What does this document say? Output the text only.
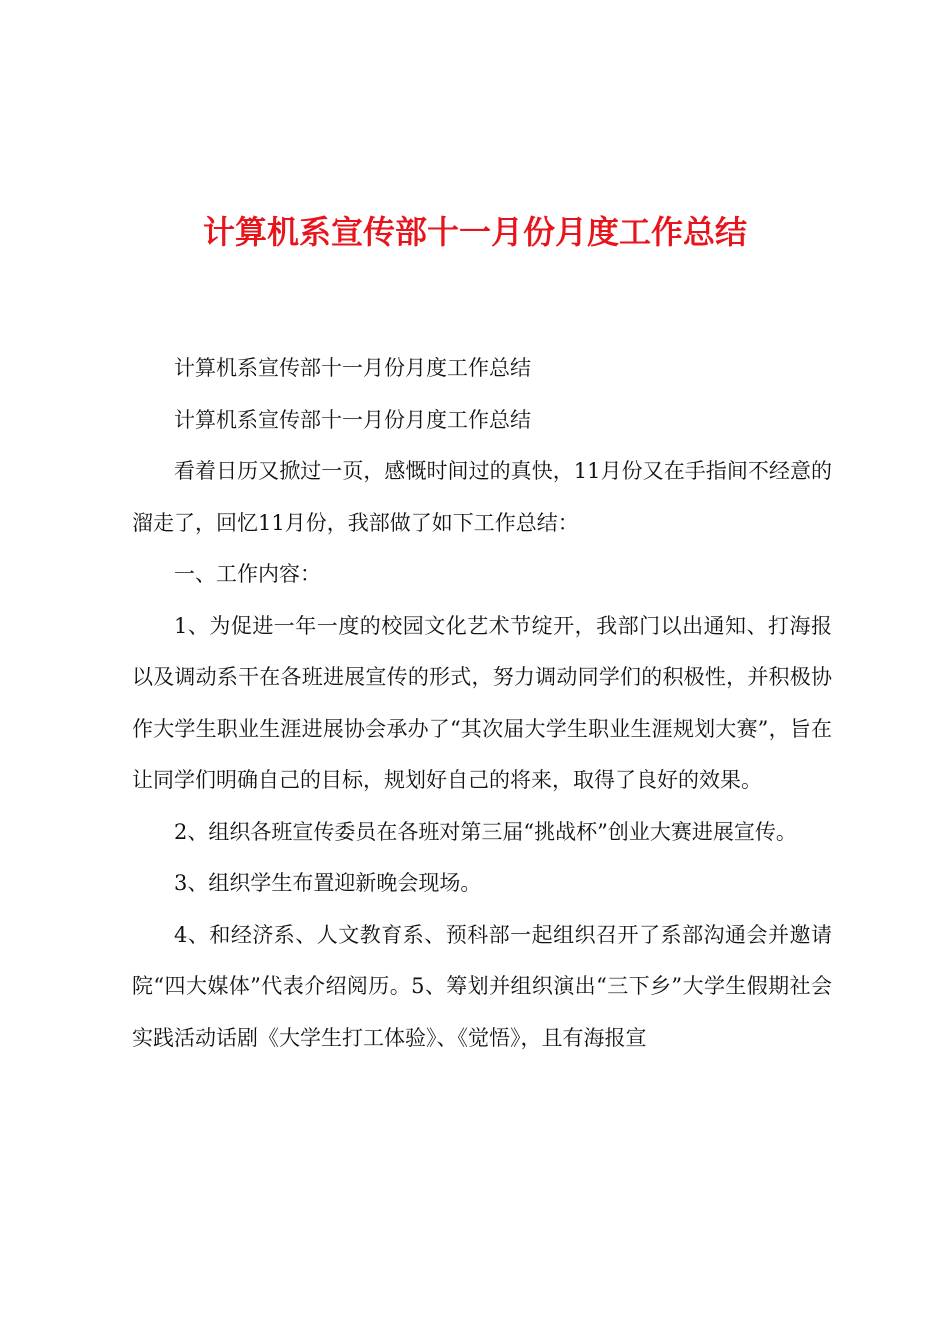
计算机系宣传部十一月份月度工作总结

计算机系宣传部十一月份月度工作总结

计算机系宣传部十一月份月度工作总结

看着日历又掀过一页，感慨时间过的真快，11月份又在手指间不经意的溜走了，回忆11月份，我部做了如下工作总结：

一、工作内容：

1、为促进一年一度的校园文化艺术节绽开，我部门以出通知、打海报以及调动系干在各班进展宣传的形式，努力调动同学们的积极性，并积极协作大学生职业生涯进展协会承办了“其次届大学生职业生涯规划大赛”，旨在让同学们明确自己的目标，规划好自己的将来，取得了良好的效果。

2、组织各班宣传委员在各班对第三届“挑战杯”创业大赛进展宣传。

3、组织学生布置迎新晚会现场。

4、和经济系、人文教育系、预科部一起组织召开了系部沟通会并邀请院“四大媒体”代表介绍阅历。5、筹划并组织演出“三下乡”大学生假期社会实践活动话剧《大学生打工体验》、《觉悟》，且有海报宣
